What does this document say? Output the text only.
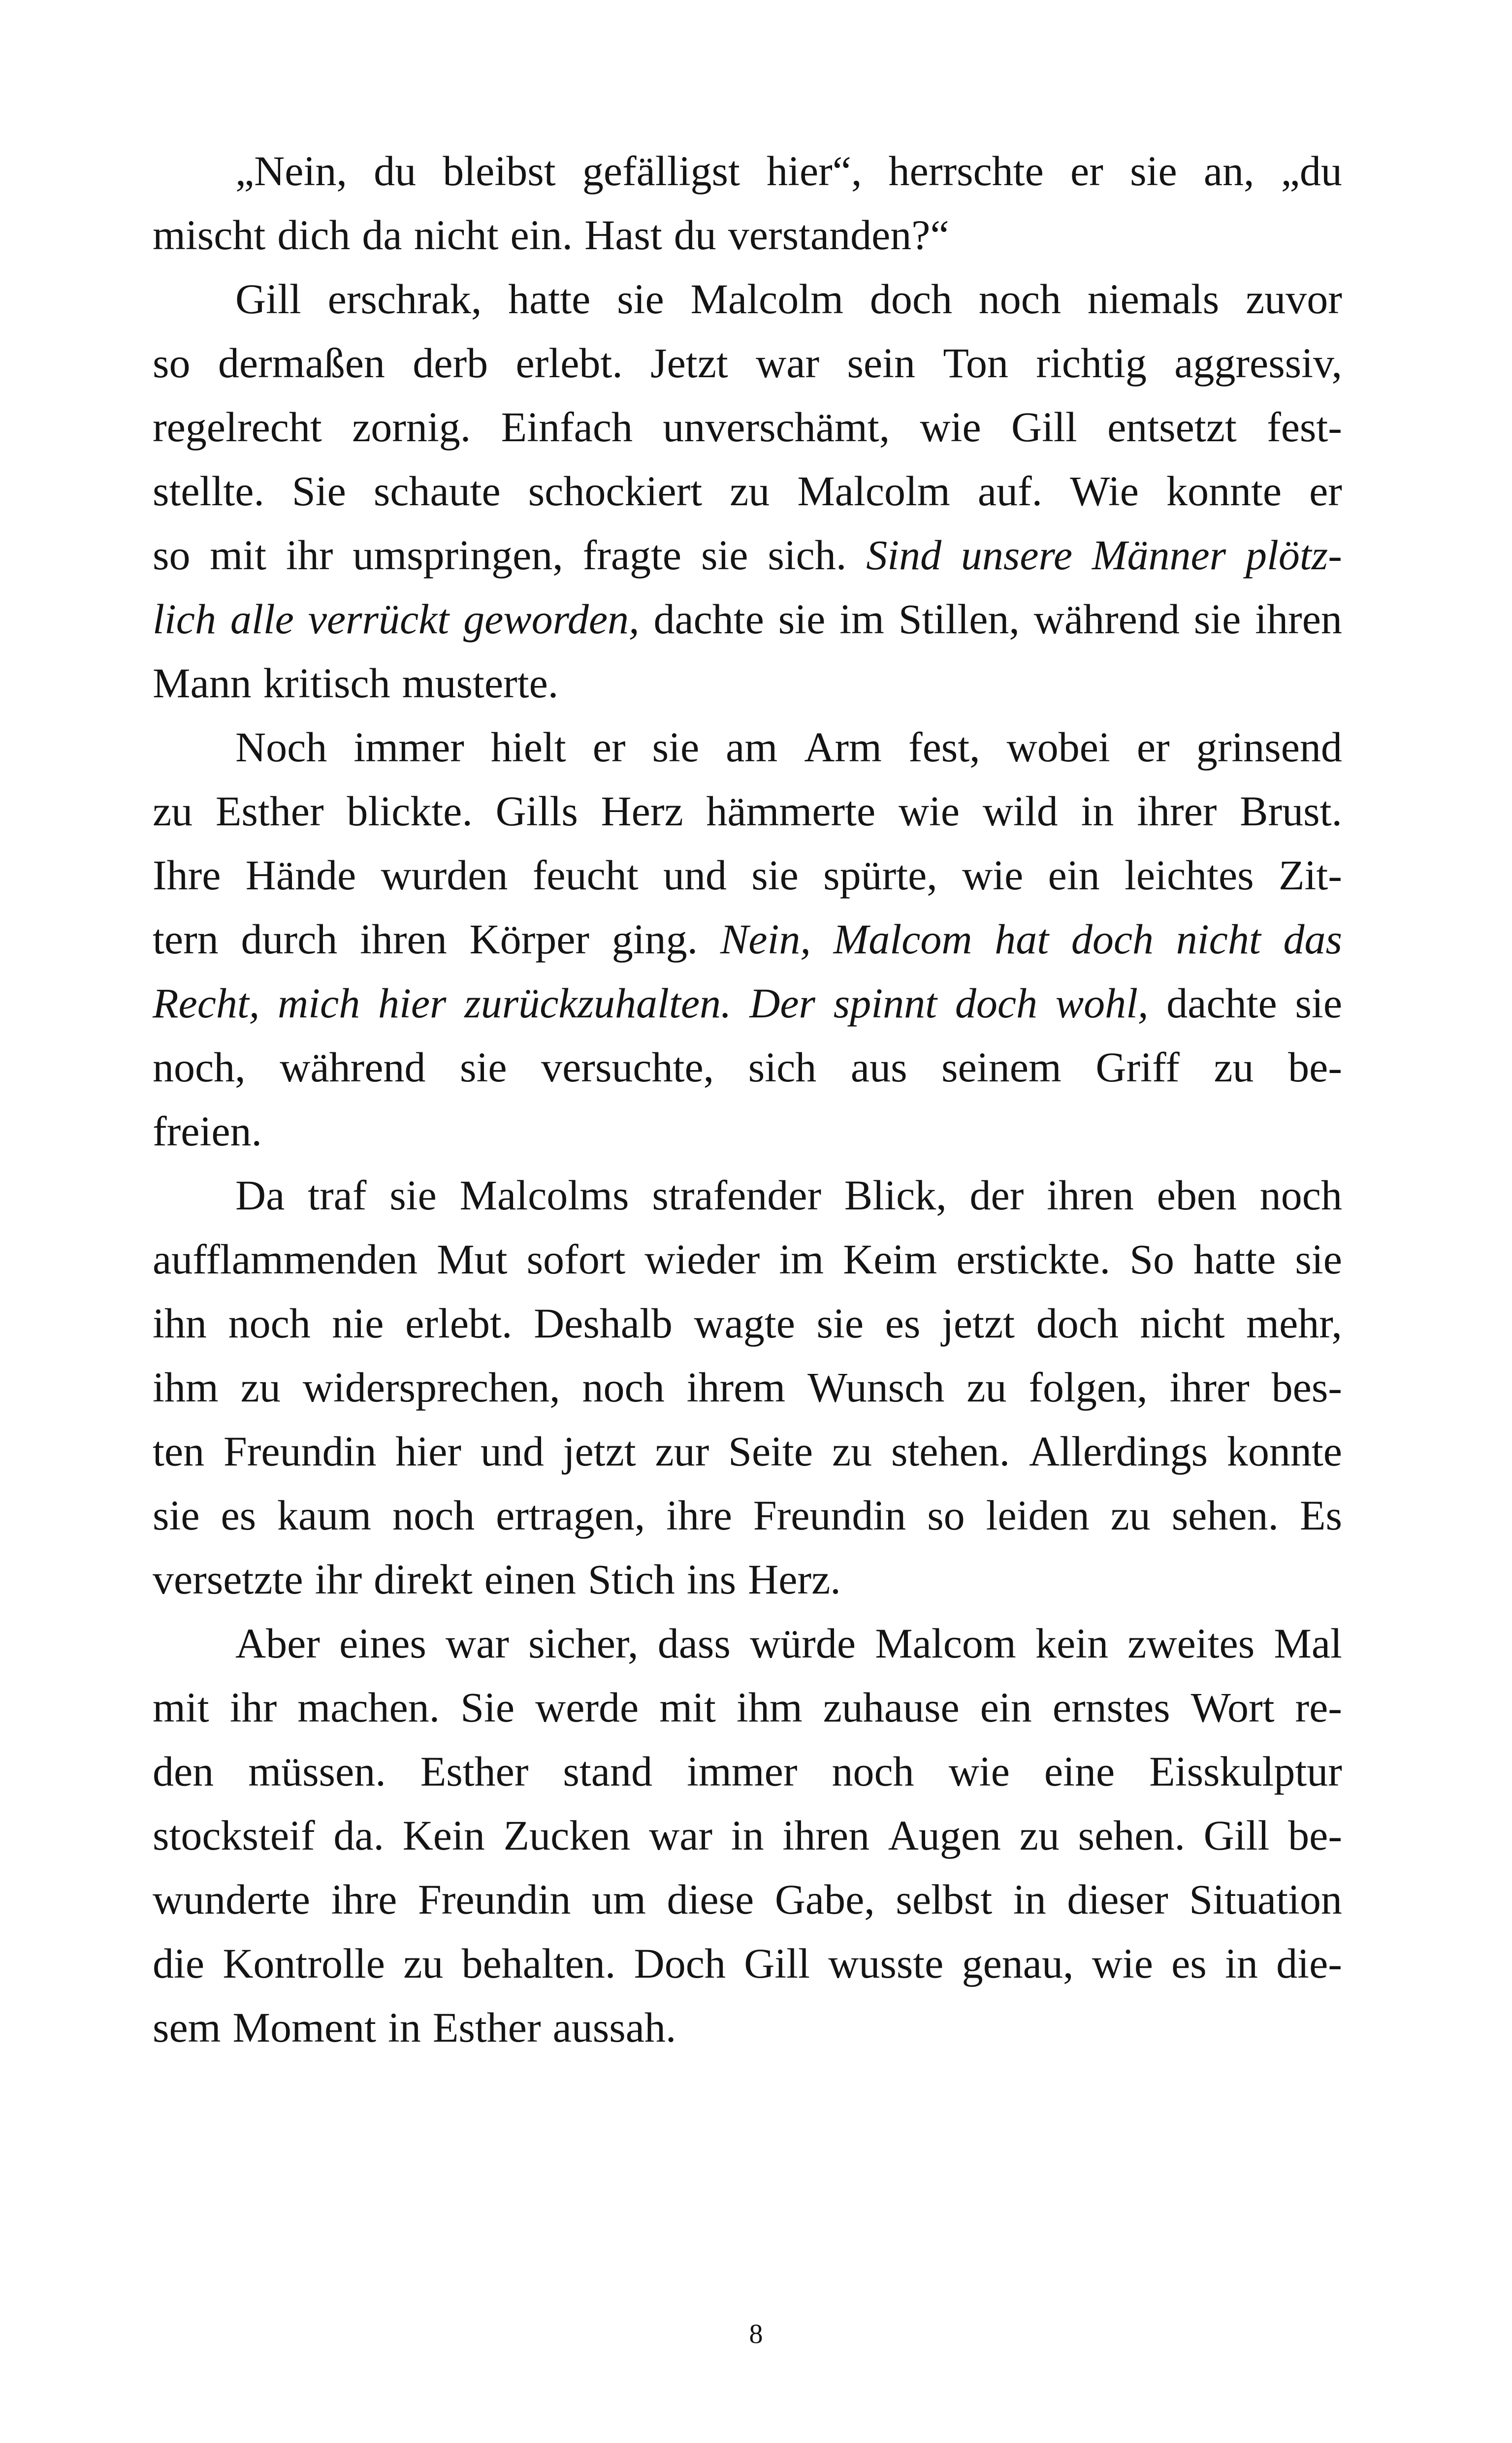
„Nein, du bleibst gefälligst hier“, herrschte er sie an, „du
mischt dich da nicht ein. Hast du verstanden?“
Gill erschrak, hatte sie Malcolm doch noch niemals zuvor
so dermaßen derb erlebt. Jetzt war sein Ton richtig aggressiv,
regelrecht zornig. Einfach unverschämt, wie Gill entsetzt fest-
stellte. Sie schaute schockiert zu Malcolm auf. Wie konnte er
so mit ihr umspringen, fragte sie sich. Sind unsere Männer plötz-
lich alle verrückt geworden, dachte sie im Stillen, während sie ihren
Mann kritisch musterte.
Noch immer hielt er sie am Arm fest, wobei er grinsend
zu Esther blickte. Gills Herz hämmerte wie wild in ihrer Brust.
Ihre Hände wurden feucht und sie spürte, wie ein leichtes Zit-
tern durch ihren Körper ging. Nein, Malcom hat doch nicht das
Recht, mich hier zurückzuhalten. Der spinnt doch wohl, dachte sie
noch, während sie versuchte, sich aus seinem Griff zu be-
freien.
Da traf sie Malcolms strafender Blick, der ihren eben noch
aufflammenden Mut sofort wieder im Keim erstickte. So hatte sie
ihn noch nie erlebt. Deshalb wagte sie es jetzt doch nicht mehr,
ihm zu widersprechen, noch ihrem Wunsch zu folgen, ihrer bes-
ten Freundin hier und jetzt zur Seite zu stehen. Allerdings konnte
sie es kaum noch ertragen, ihre Freundin so leiden zu sehen. Es
versetzte ihr direkt einen Stich ins Herz.
Aber eines war sicher, dass würde Malcom kein zweites Mal
mit ihr machen. Sie werde mit ihm zuhause ein ernstes Wort re-
den müssen. Esther stand immer noch wie eine Eisskulptur
stocksteif da. Kein Zucken war in ihren Augen zu sehen. Gill be-
wunderte ihre Freundin um diese Gabe, selbst in dieser Situation
die Kontrolle zu behalten. Doch Gill wusste genau, wie es in die-
sem Moment in Esther aussah.
8
